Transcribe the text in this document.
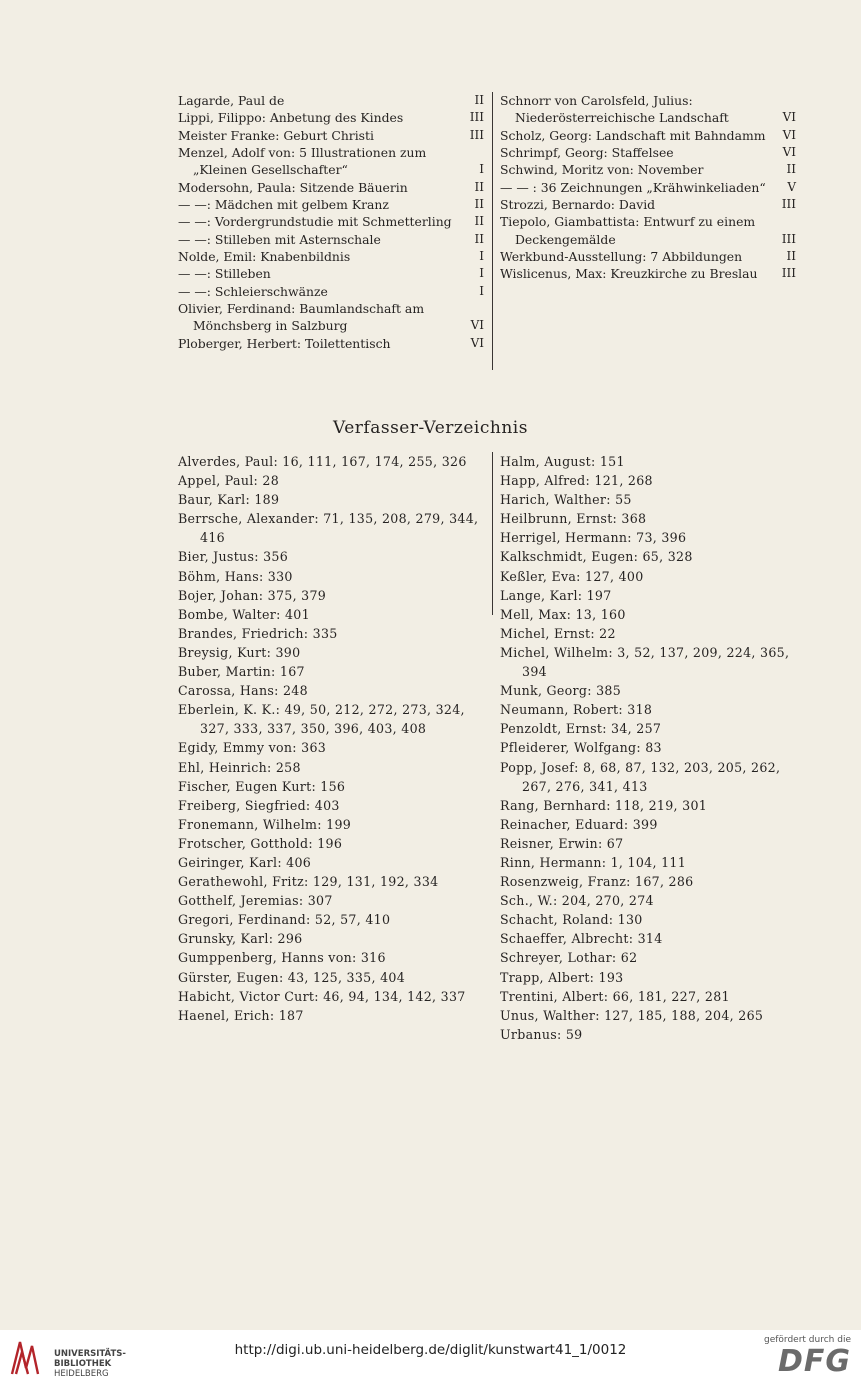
Lagarde, Paul de	II
Lippi, Filippo: Anbetung des Kindes	III
Meister Franke: Geburt Christi	III
Menzel, Adolf von: 5 Illustrationen zum „Kleinen Gesellschafter“	I
Modersohn, Paula: Sitzende Bäuerin	II
— —: Mädchen mit gelbem Kranz	II
— —: Vordergrundstudie mit Schmetterling	II
— —: Stilleben mit Asternschale	II
Nolde, Emil: Knabenbildnis	I
— —: Stilleben	I
— —: Schleierschwänze	I
Olivier, Ferdinand: Baumlandschaft am Mönchsberg in Salzburg	VI
Ploberger, Herbert: Toilettentisch	VI
Schnorr von Carolsfeld, Julius: Niederösterreichische Landschaft	VI
Scholz, Georg: Landschaft mit Bahndamm VI
Schrimpf, Georg: Staffelsee	VI
Schwind, Moritz von: November	II
— — : 36 Zeichnungen „Krähwinkeliaden“ V
Strozzi, Bernardo: David	III
Tiepolo, Giambattista: Entwurf zu einem Deckengemälde	III
Werkbund-Ausstellung: 7 Abbildungen	II
Wislicenus, Max: Kreuzkirche zu Breslau	III
Verfasser-Verzeichnis
Alverdes, Paul: 16, 111, 167, 174, 255, 326
Appel, Paul: 28
Baur, Karl: 189
Berrsche, Alexander: 71, 135, 208, 279, 344, 416
Bier, Justus: 356
Böhm, Hans: 330
Bojer, Johan: 375, 379
Bombe, Walter: 401
Brandes, Friedrich: 335
Breysig, Kurt: 390
Buber, Martin: 167
Carossa, Hans: 248
Eberlein, K. K.: 49, 50, 212, 272, 273, 324, 327, 333, 337, 350, 396, 403, 408
Egidy, Emmy von: 363
Ehl, Heinrich: 258
Fischer, Eugen Kurt: 156
Freiberg, Siegfried: 403
Fronemann, Wilhelm: 199
Frotscher, Gotthold: 196
Geiringer, Karl: 406
Gerathewohl, Fritz: 129, 131, 192, 334
Gotthelf, Jeremias: 307
Gregori, Ferdinand: 52, 57, 410
Grunsky, Karl: 296
Gumppenberg, Hanns von: 316
Gürster, Eugen: 43, 125, 335, 404
Habicht, Victor Curt: 46, 94, 134, 142, 337
Haenel, Erich: 187
Halm, August: 151
Happ, Alfred: 121, 268
Harich, Walther: 55
Heilbrunn, Ernst: 368
Herrigel, Hermann: 73, 396
Kalkschmidt, Eugen: 65, 328
Keßler, Eva: 127, 400
Lange, Karl: 197
Mell, Max: 13, 160
Michel, Ernst: 22
Michel, Wilhelm: 3, 52, 137, 209, 224, 365, 394
Munk, Georg: 385
Neumann, Robert: 318
Penzoldt, Ernst: 34, 257
Pfleiderer, Wolfgang: 83
Popp, Josef: 8, 68, 87, 132, 203, 205, 262, 267, 276, 341, 413
Rang, Bernhard: 118, 219, 301
Reinacher, Eduard: 399
Reisner, Erwin: 67
Rinn, Hermann: 1, 104, 111
Rosenzweig, Franz: 167, 286
Sch., W.: 204, 270, 274
Schacht, Roland: 130
Schaeffer, Albrecht: 314
Schreyer, Lothar: 62
Trapp, Albert: 193
Trentini, Albert: 66, 181, 227, 281
Unus, Walther: 127, 185, 188, 204, 265
Urbanus: 59
UNIVERSITÄTS-
BIBLIOTHEK
HEIDELBERG
http://digi.ub.uni-heidelberg.de/diglit/kunstwart41_1/0012
gefördert durch die
DFG
